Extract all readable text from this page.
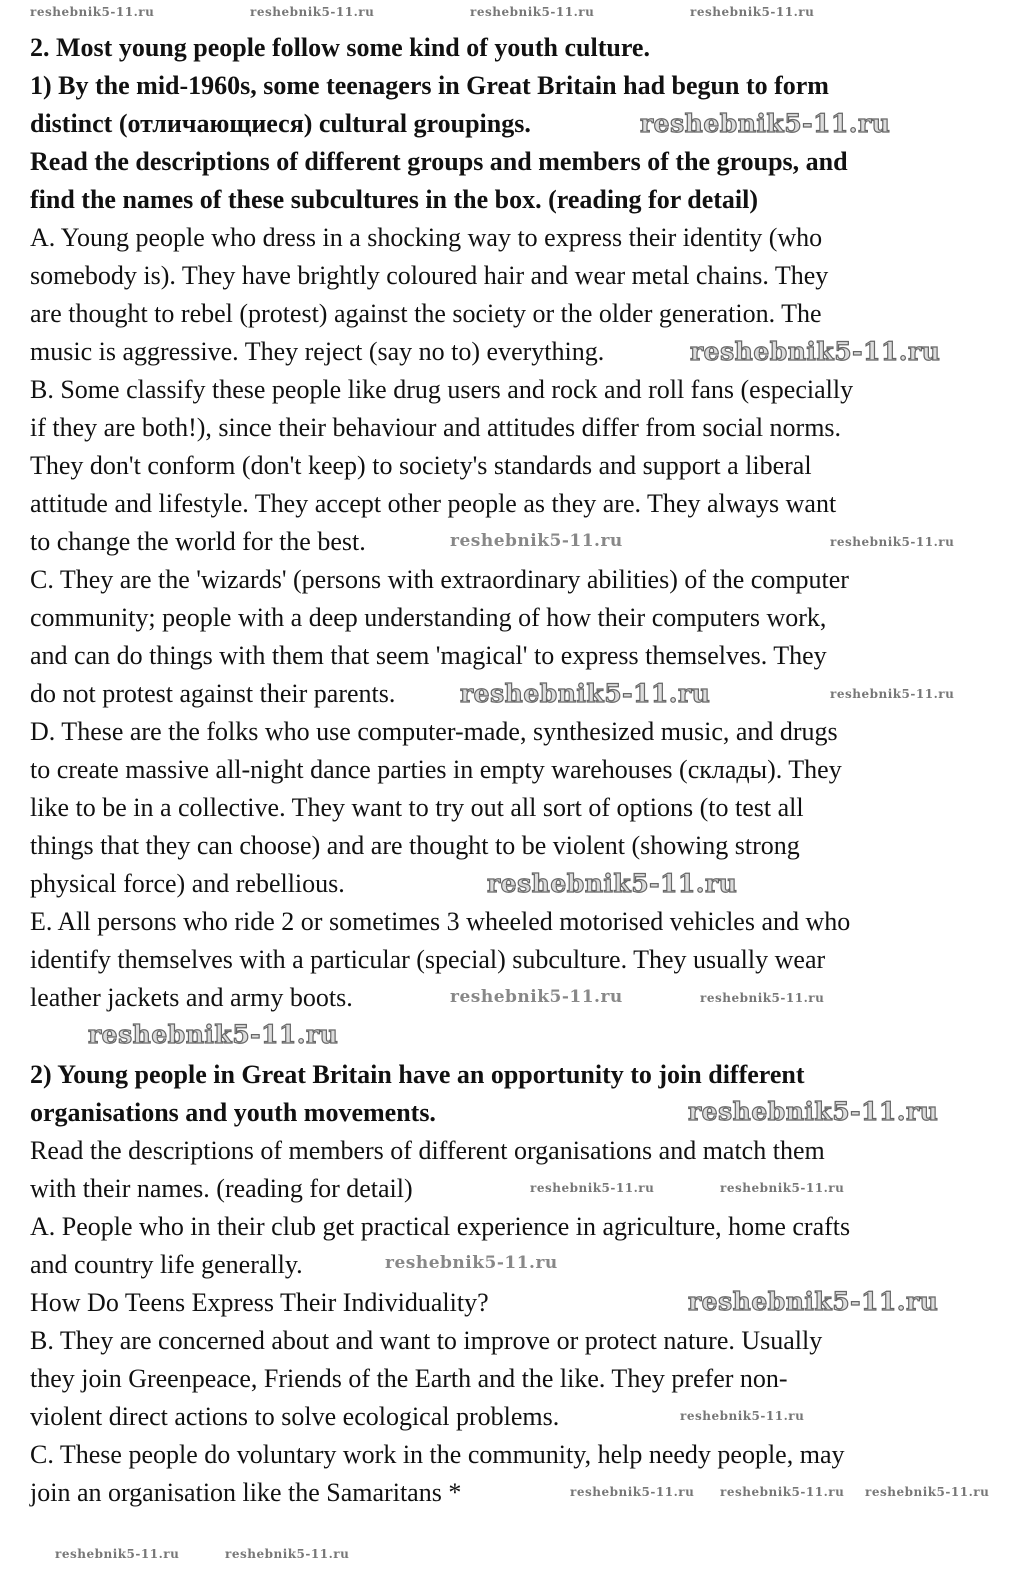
2. Most young people follow some kind of youth culture.
1) By the mid-1960s, some teenagers in Great Britain had begun to form
distinct (отличающиеся) cultural groupings.
Read the descriptions of different groups and members of the groups, and
find the names of these subcultures in the box. (reading for detail)
A. Young people who dress in a shocking way to express their identity (who
somebody is). They have brightly coloured hair and wear metal chains. They
are thought to rebel (protest) against the society or the older generation. The
music is aggressive. They reject (say no to) everything.
B. Some classify these people like drug users and rock and roll fans (especially
if they are both!), since their behaviour and attitudes differ from social norms.
They don't conform (don't keep) to society's standards and support a liberal
attitude and lifestyle. They accept other people as they are. They always want
to change the world for the best.
C. They are the 'wizards' (persons with extraordinary abilities) of the computer
community; people with a deep understanding of how their computers work,
and can do things with them that seem 'magical' to express themselves. They
do not protest against their parents.
D. These are the folks who use computer-made, synthesized music, and drugs
to create massive all-night dance parties in empty warehouses (склады). They
like to be in a collective. They want to try out all sort of options (to test all
things that they can choose) and are thought to be violent (showing strong
physical force) and rebellious.
E. All persons who ride 2 or sometimes 3 wheeled motorised vehicles and who
identify themselves with a particular (special) subculture. They usually wear
leather jackets and army boots.
2) Young people in Great Britain have an opportunity to join different
organisations and youth movements.
Read the descriptions of members of different organisations and match them
with their names. (reading for detail)
A. People who in their club get practical experience in agriculture, home crafts
and country life generally.
How Do Teens Express Their Individuality?
B. They are concerned about and want to improve or protect nature. Usually
they join Greenpeace, Friends of the Earth and the like. They prefer non-
violent direct actions to solve ecological problems.
C. These people do voluntary work in the community, help needy people, may
join an organisation like the Samaritans *
reshebnik5-11.ru
reshebnik5-11.ru
reshebnik5-11.ru
reshebnik5-11.ru
reshebnik5-11.ru
reshebnik5-11.ru
reshebnik5-11.ru
reshebnik5-11.ru
reshebnik5-11.ru
reshebnik5-11.ru
reshebnik5-11.ru	reshebnik5-11.ru	reshebnik5-11.ru	reshebnik5-11.ru
reshebnik5-11.ru
reshebnik5-11.ru
reshebnik5-11.ru
reshebnik5-11.ru	reshebnik5-11.ru
reshebnik5-11.ru
reshebnik5-11.ru reshebnik5-11.ru reshebnik5-11.ru
reshebnik5-11.ru	reshebnik5-11.ru
